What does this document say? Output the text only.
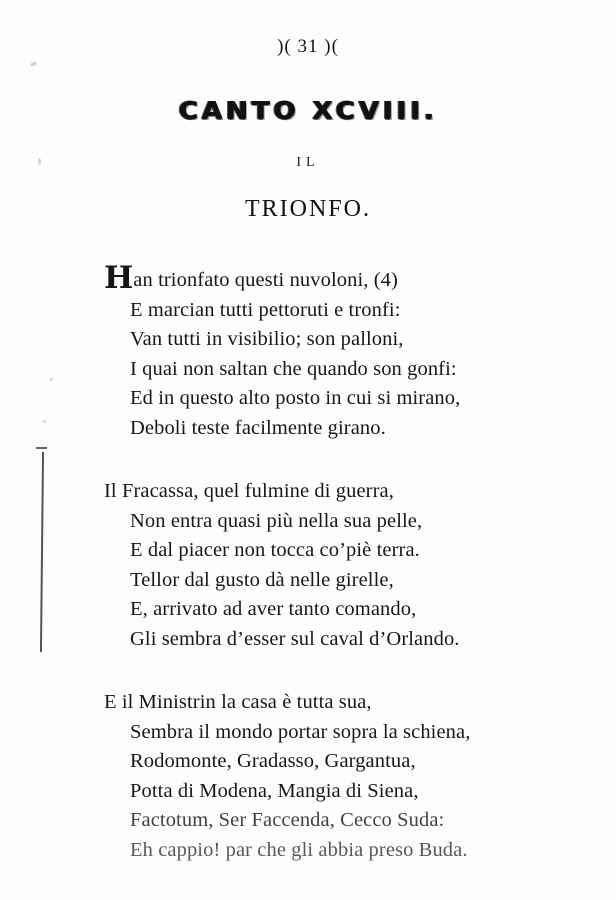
)( 31 )(
CANTO XCVIII.
IL
TRIONFO.
Han trionfato questi nuvoloni, (4)
E marcian tutti pettoruti e tronfi:
Van tutti in visibilio; son palloni,
I quai non saltan che quando son gonfi:
Ed in questo alto posto in cui si mirano,
Deboli teste facilmente girano.
Il Fracassa, quel fulmine di guerra,
Non entra quasi più nella sua pelle,
E dal piacer non tocca co’piè terra.
Tellor dal gusto dà nelle girelle,
E, arrivato ad aver tanto comando,
Gli sembra d’esser sul caval d’Orlando.
E il Ministrin la casa è tutta sua,
Sembra il mondo portar sopra la schiena,
Rodomonte, Gradasso, Gargantua,
Potta di Modena, Mangia di Siena,
Factotum, Ser Faccenda, Cecco Suda:
Eh cappio! par che gli abbia preso Buda.
